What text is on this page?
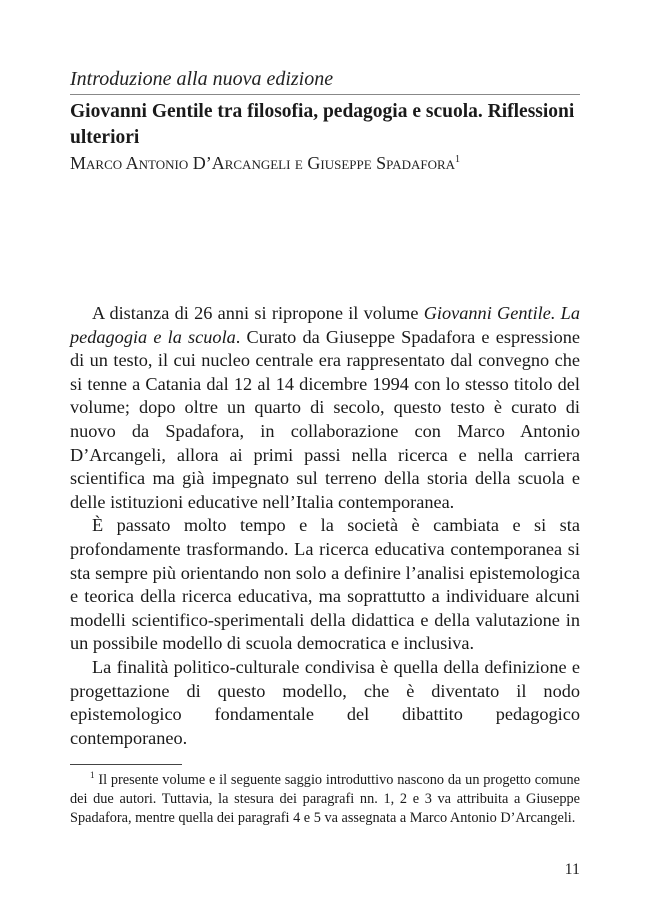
Introduzione alla nuova edizione
Giovanni Gentile tra filosofia, pedagogia e scuola. Riflessioni ulteriori
Marco Antonio D’Arcangeli e Giuseppe Spadafora$^1$

A distanza di 26 anni si ripropone il volume Giovanni Gentile. La pedagogia e la scuola. Curato da Giuseppe Spadafora e espressione di un testo, il cui nucleo centrale era rappresentato dal convegno che si tenne a Catania dal 12 al 14 dicembre 1994 con lo stesso titolo del volume; dopo oltre un quarto di secolo, questo testo è curato di nuovo da Spadafora, in collaborazione con Marco Antonio D’Arcangeli, allora ai primi passi nella ricerca e nella carriera scientifica ma già impegnato sul terreno della storia della scuola e delle istituzioni educative nell’Italia contemporanea.

È passato molto tempo e la società è cambiata e si sta profondamente trasformando. La ricerca educativa contemporanea si sta sempre più orientando non solo a definire l’analisi epistemologica e teorica della ricerca educativa, ma soprattutto a individuare alcuni modelli scientifico-sperimentali della didattica e della valutazione in un possibile modello di scuola democratica e inclusiva.

La finalità politico-culturale condivisa è quella della definizione e progettazione di questo modello, che è diventato il nodo epistemologico fondamentale del dibattito pedagogico contemporaneo.

$^1$ Il presente volume e il seguente saggio introduttivo nascono da un progetto comune dei due autori. Tuttavia, la stesura dei paragrafi nn. 1, 2 e 3 va attribuita a Giuseppe Spadafora, mentre quella dei paragrafi 4 e 5 va assegnata a Marco Antonio D’Arcangeli.

11
